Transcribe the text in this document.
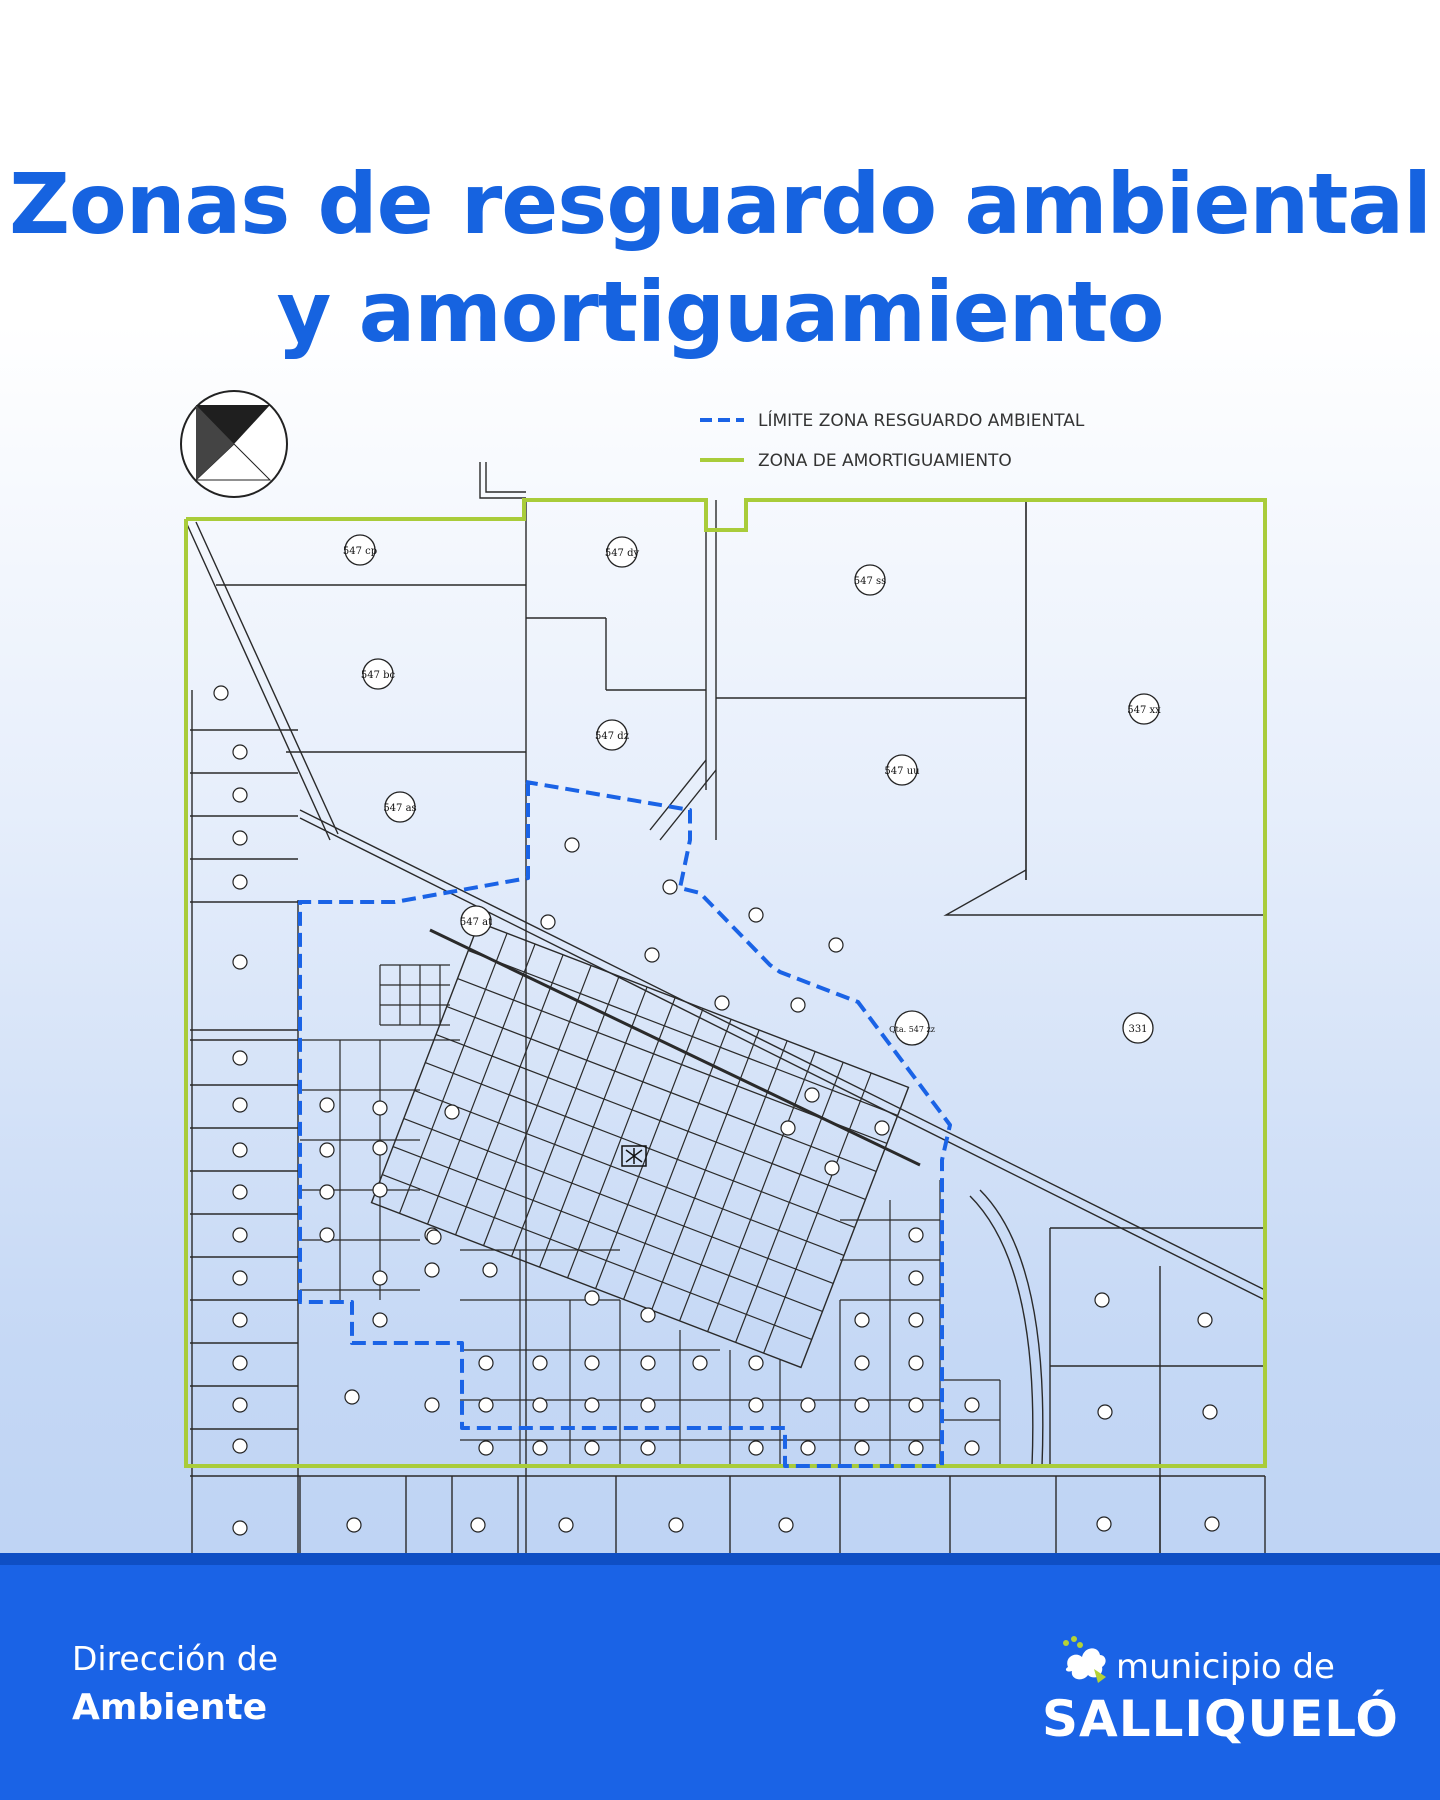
Zonas de resguardo ambiental
y amortiguamiento
LÍMITE ZONA RESGUARDO AMBIENTAL
ZONA DE AMORTIGUAMIENTO
547 cp	547 dy
547 ss
547 bc
547 dz
547 xx
547 uu
547 as
547 at
Qta. 547 zz	331
Dirección de
Ambiente
municipio de
SALLIQUELÓ
